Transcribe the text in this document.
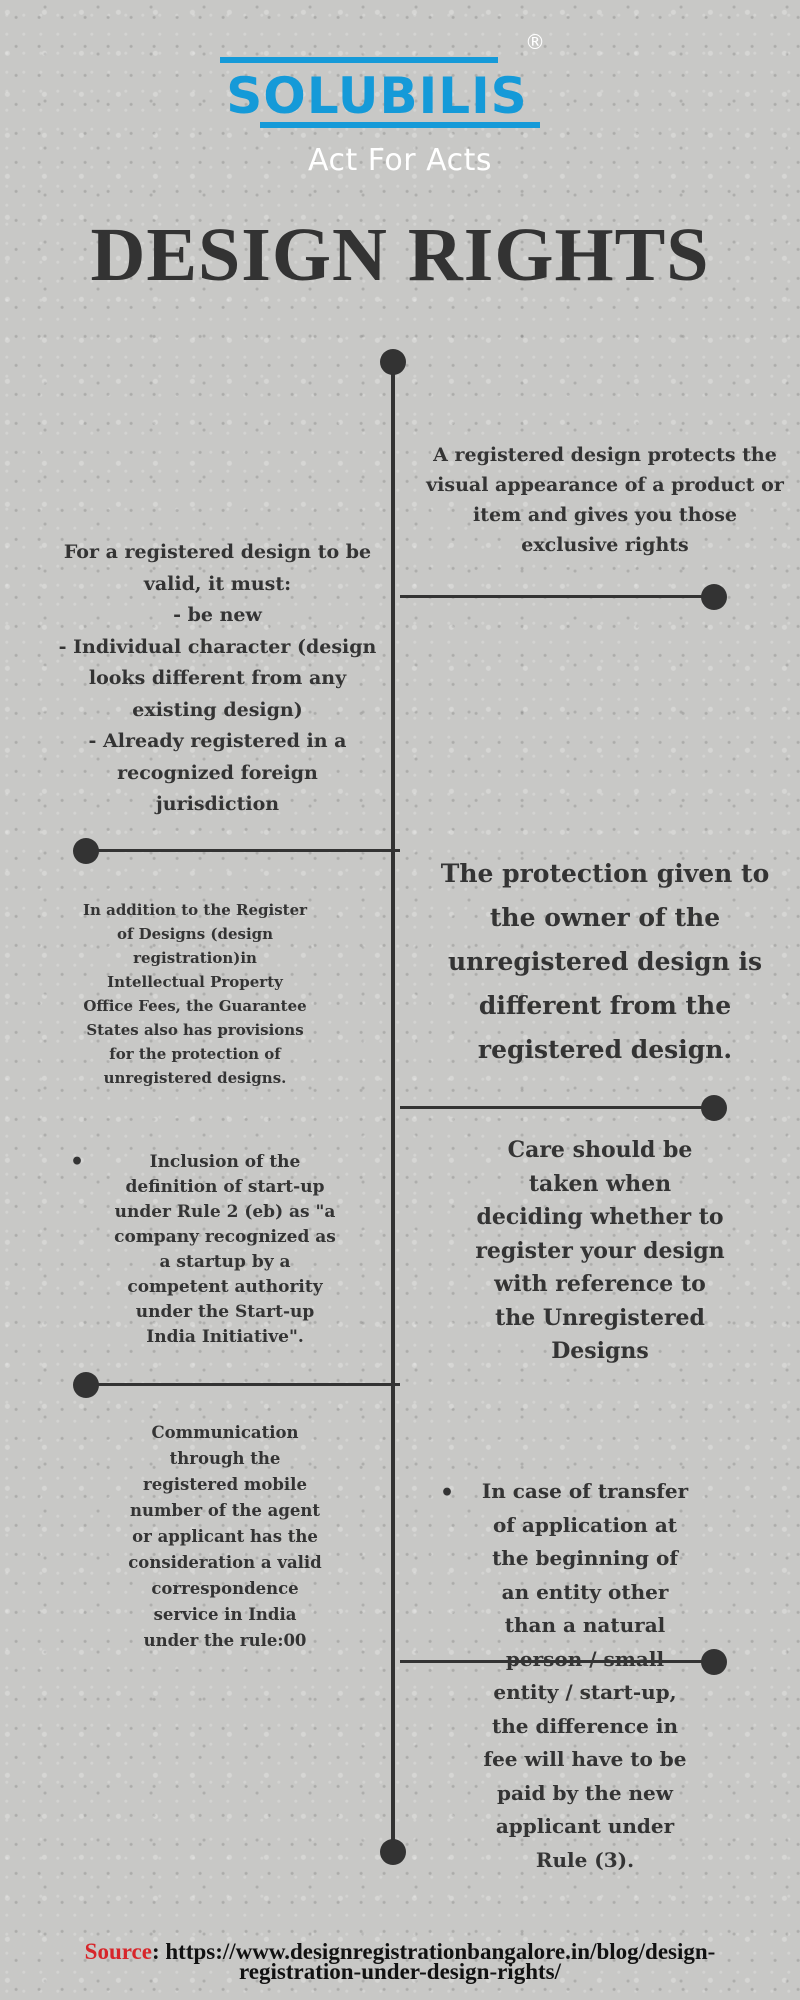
SOLUBILIS
®
Act For Acts
DESIGN RIGHTS
A registered design protects the
visual appearance of a product or
item and gives you those
exclusive rights
For a registered design to be
valid, it must:
- be new
- Individual character (design
looks different from any
existing design)
- Already registered in a
recognized foreign
jurisdiction
The protection given to
the owner of the
unregistered design is
different from the
registered design.
In addition to the Register
of Designs (design
registration)in
Intellectual Property
Office Fees, the Guarantee
States also has provisions
for the protection of
unregistered designs.
•	Inclusion of the
definition of start-up
under Rule 2 (eb) as "a
company recognized as
a startup by a
competent authority
under the Start-up
India Initiative".
Care should be
taken when
deciding whether to
register your design
with reference to
the Unregistered
Designs
Communication
through the
registered mobile
number of the agent
or applicant has the
consideration a valid
correspondence
service in India
under the rule:00
•	In case of transfer
of application at
the beginning of
an entity other
than a natural
person / small
entity / start-up,
the difference in
fee will have to be
paid by the new
applicant under
Rule (3).
Source: https://www.designregistrationbangalore.in/blog/design-
registration-under-design-rights/
